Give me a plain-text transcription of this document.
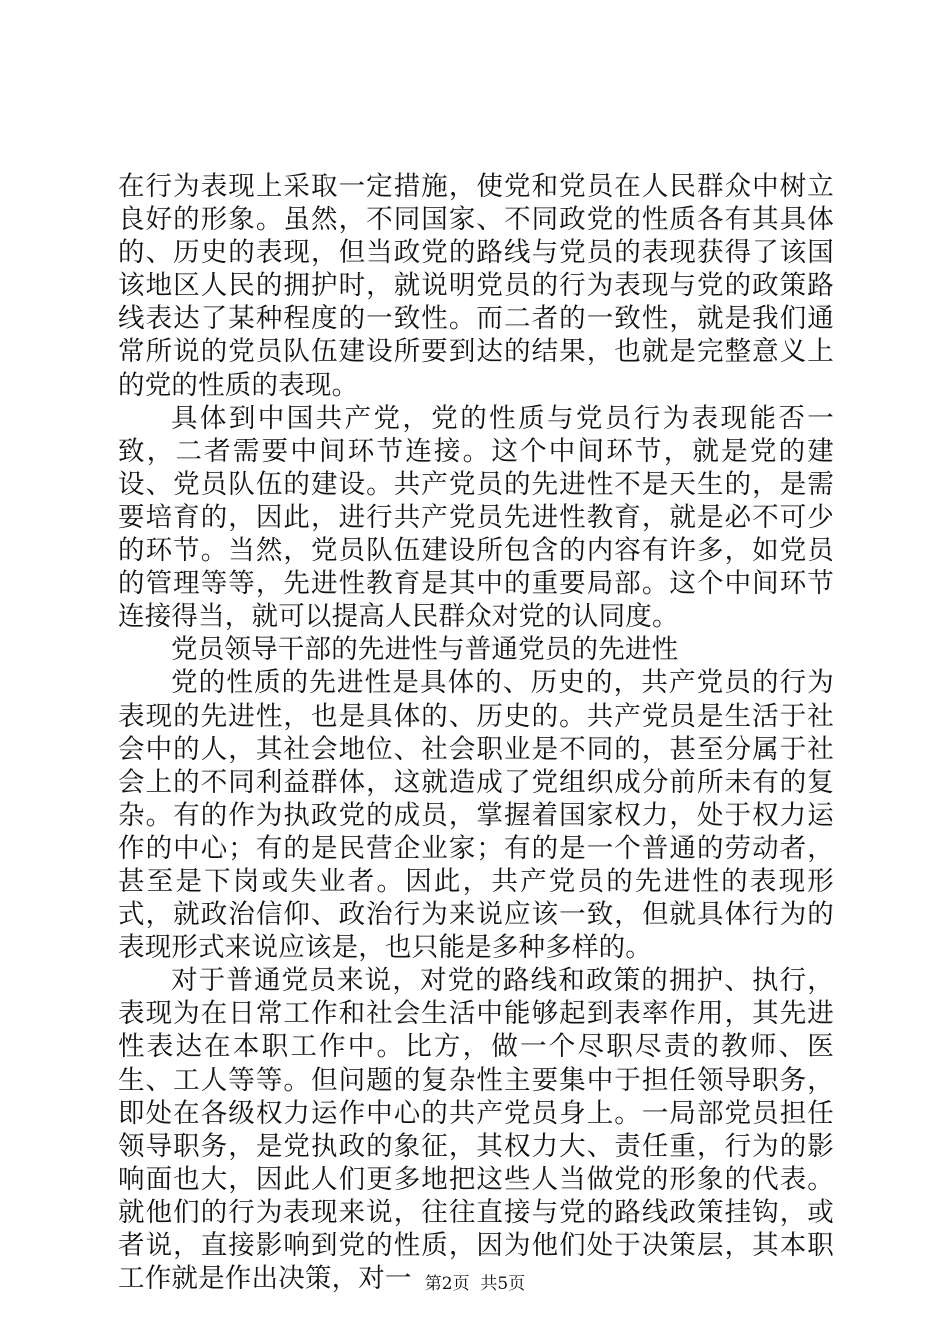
在行为表现上采取一定措施，使党和党员在人民群众中树立良好的形象。虽然，不同国家、不同政党的性质各有其具体的、历史的表现，但当政党的路线与党员的表现获得了该国该地区人民的拥护时，就说明党员的行为表现与党的政策路线表达了某种程度的一致性。而二者的一致性，就是我们通常所说的党员队伍建设所要到达的结果，也就是完整意义上的党的性质的表现。

具体到中国共产党，党的性质与党员行为表现能否一致，二者需要中间环节连接。这个中间环节，就是党的建设、党员队伍的建设。共产党员的先进性不是天生的，是需要培育的，因此，进行共产党员先进性教育，就是必不可少的环节。当然，党员队伍建设所包含的内容有许多，如党员的管理等等，先进性教育是其中的重要局部。这个中间环节连接得当，就可以提高人民群众对党的认同度。

党员领导干部的先进性与普通党员的先进性

党的性质的先进性是具体的、历史的，共产党员的行为表现的先进性，也是具体的、历史的。共产党员是生活于社会中的人，其社会地位、社会职业是不同的，甚至分属于社会上的不同利益群体，这就造成了党组织成分前所未有的复杂。有的作为执政党的成员，掌握着国家权力，处于权力运作的中心；有的是民营企业家；有的是一个普通的劳动者，甚至是下岗或失业者。因此，共产党员的先进性的表现形式，就政治信仰、政治行为来说应该一致，但就具体行为的表现形式来说应该是，也只能是多种多样的。

对于普通党员来说，对党的路线和政策的拥护、执行，表现为在日常工作和社会生活中能够起到表率作用，其先进性表达在本职工作中。比方，做一个尽职尽责的教师、医生、工人等等。但问题的复杂性主要集中于担任领导职务，即处在各级权力运作中心的共产党员身上。一局部党员担任领导职务，是党执政的象征，其权力大、责任重，行为的影响面也大，因此人们更多地把这些人当做党的形象的代表。就他们的行为表现来说，往往直接与党的路线政策挂钩，或者说，直接影响到党的性质，因为他们处于决策层，其本职工作就是作出决策，对一 第2页  共5页
